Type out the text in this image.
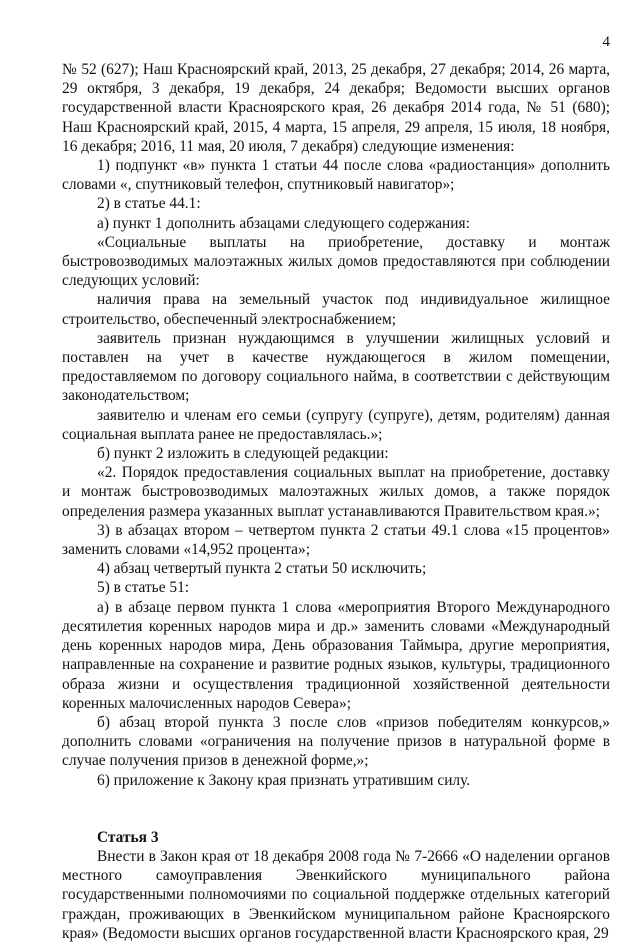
4

№ 52 (627); Наш Красноярский край, 2013, 25 декабря, 27 декабря; 2014, 26 марта, 29 октября, 3 декабря, 19 декабря, 24 декабря; Ведомости высших органов государственной власти Красноярского края, 26 декабря 2014 года, № 51 (680); Наш Красноярский край, 2015, 4 марта, 15 апреля, 29 апреля, 15 июля, 18 ноября, 16 декабря; 2016, 11 мая, 20 июля, 7 декабря) следующие изменения:

1) подпункт «в» пункта 1 статьи 44 после слова «радиостанция» дополнить словами «, спутниковый телефон, спутниковый навигатор»;

2) в статье 44.1:

а) пункт 1 дополнить абзацами следующего содержания:

«Социальные выплаты на приобретение, доставку и монтаж быстровозводимых малоэтажных жилых домов предоставляются при соблюдении следующих условий:

наличия права на земельный участок под индивидуальное жилищное строительство, обеспеченный электроснабжением;

заявитель признан нуждающимся в улучшении жилищных условий и поставлен на учет в качестве нуждающегося в жилом помещении, предоставляемом по договору социального найма, в соответствии с действующим законодательством;

заявителю и членам его семьи (супругу (супруге), детям, родителям) данная социальная выплата ранее не предоставлялась.»;

б) пункт 2 изложить в следующей редакции:

«2. Порядок предоставления социальных выплат на приобретение, доставку и монтаж быстровозводимых малоэтажных жилых домов, а также порядок определения размера указанных выплат устанавливаются Правительством края.»;

3) в абзацах втором – четвертом пункта 2 статьи 49.1 слова «15 процентов» заменить словами «14,952 процента»;

4) абзац четвертый пункта 2 статьи 50 исключить;

5) в статье 51:

а) в абзаце первом пункта 1 слова «мероприятия Второго Международного десятилетия коренных народов мира и др.» заменить словами «Международный день коренных народов мира, День образования Таймыра, другие мероприятия, направленные на сохранение и развитие родных языков, культуры, традиционного образа жизни и осуществления традиционной хозяйственной деятельности коренных малочисленных народов Севера»;

б) абзац второй пункта 3 после слов «призов победителям конкурсов,» дополнить словами «ограничения на получение призов в натуральной форме в случае получения призов в денежной форме,»;

6) приложение к Закону края признать утратившим силу.

Статья 3

Внести в Закон края от 18 декабря 2008 года № 7-2666 «О наделении органов местного самоуправления Эвенкийского муниципального района государственными полномочиями по социальной поддержке отдельных категорий граждан, проживающих в Эвенкийском муниципальном районе Красноярского края» (Ведомости высших органов государственной власти Красноярского края, 29
